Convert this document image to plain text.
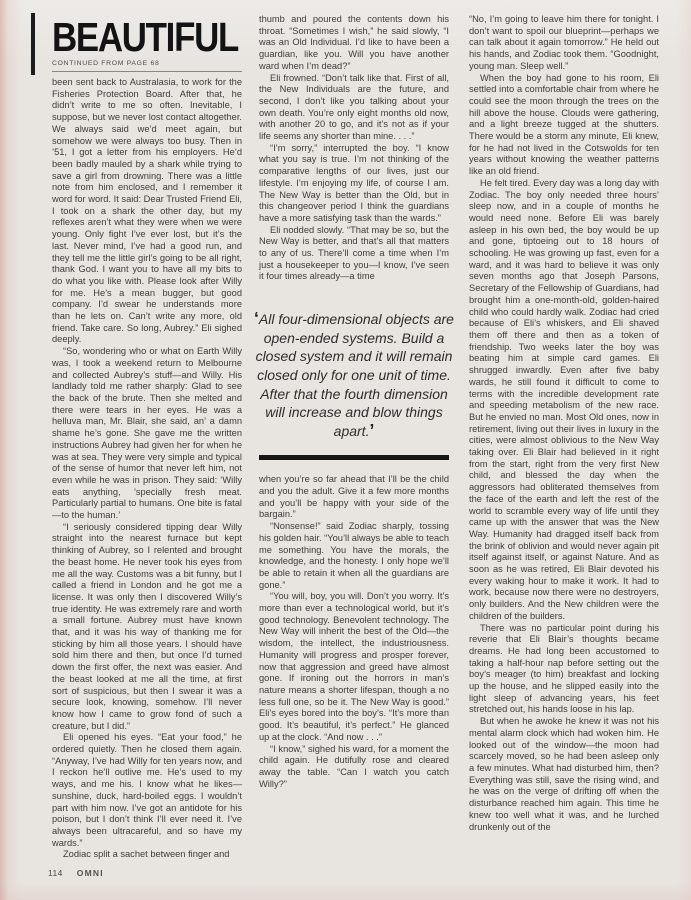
BEAUTIFUL
CONTINUED FROM PAGE 68

been sent back to Australasia, to work for the Fisheries Protection Board. After that, he didn’t write to me so often. Inevitable, I suppose, but we never lost contact altogether. We always said we’d meet again, but somehow we were always too busy. Then in ’51, I got a letter from his employers. He’d been badly mauled by a shark while trying to save a girl from drowning. There was a little note from him enclosed, and I remember it word for word. It said: Dear Trusted Friend Eli, I took on a shark the other day, but my reflexes aren’t what they were when we were young. Only fight I’ve ever lost, but it’s the last. Never mind, I’ve had a good run, and they tell me the little girl’s going to be all right, thank God. I want you to have all my bits to do what you like with. Please look after Willy for me. He’s a mean bugger, but good company. I’d swear he understands more than he lets on. Can’t write any more, old friend. Take care. So long, Aubrey.” Eli sighed deeply.

“So, wondering who or what on Earth Willy was, I took a weekend return to Melbourne and collected Aubrey’s stuff—and Willy. His landlady told me rather sharply: Glad to see the back of the brute. Then she melted and there were tears in her eyes. He was a helluva man, Mr. Blair, she said, an’ a damn shame he’s gone. She gave me the written instructions Aubrey had given her for when he was at sea. They were very simple and typical of the sense of humor that never left him, not even while he was in prison. They said: ‘Willy eats anything, ’specially fresh meat. Particularly partial to humans. One bite is fatal—to the human.’

“I seriously considered tipping dear Willy straight into the nearest furnace but kept thinking of Aubrey, so I relented and brought the beast home. He never took his eyes from me all the way. Customs was a bit funny, but I called a friend in London and he got me a license. It was only then I discovered Willy’s true identity. He was extremely rare and worth a small fortune. Aubrey must have known that, and it was his way of thanking me for sticking by him all those years. I should have sold him there and then, but once I’d turned down the first offer, the next was easier. And the beast looked at me all the time, at first sort of suspicious, but then I swear it was a secure look, knowing, somehow. I’ll never know how I came to grow fond of such a creature, but I did.”

Eli opened his eyes. “Eat your food,” he ordered quietly. Then he closed them again. “Anyway, I’ve had Willy for ten years now, and I reckon he’ll outlive me. He’s used to my ways, and me his. I know what he likes—sunshine, duck, hard-boiled eggs. I wouldn’t part with him now. I’ve got an antidote for his poison, but I don’t think I’ll ever need it. I’ve always been ultracareful, and so have my wards.”

Zodiac split a sachet between finger and

thumb and poured the contents down his throat. “Sometimes I wish,” he said slowly, “I was an Old Individual. I’d like to have been a guardian, like you. Will you have another ward when I’m dead?”

Eli frowned. “Don’t talk like that. First of all, the New Individuals are the future, and second, I don’t like you talking about your own death. You’re only eight months old now, with another 20 to go, and it’s not as if your life seems any shorter than mine. . . .”

“I’m sorry,” interrupted the boy. “I know what you say is true. I’m not thinking of the comparative lengths of our lives, just our lifestyle. I’m enjoying my life, of course I am. The New Way is better than the Old, but in this changeover period I think the guardians have a more satisfying task than the wards.”

Eli nodded slowly. “That may be so, but the New Way is better, and that’s all that matters to any of us. There’ll come a time when I’m just a housekeeper to you—I know, I’ve seen it four times already—a time

‘All four-dimensional objects are open-ended systems. Build a closed system and it will remain closed only for one unit of time. After that the fourth dimension will increase and blow things apart.’

when you’re so far ahead that I’ll be the child and you the adult. Give it a few more months and you’ll be happy with your side of the bargain.”

“Nonsense!” said Zodiac sharply, tossing his golden hair. “You’ll always be able to teach me something. You have the morals, the knowledge, and the honesty. I only hope we’ll be able to retain it when all the guardians are gone.”

“You will, boy, you will. Don’t you worry. It’s more than ever a technological world, but it’s good technology. Benevolent technology. The New Way will inherit the best of the Old—the wisdom, the intellect, the industriousness. Humanity will progress and prosper forever, now that aggression and greed have almost gone. If ironing out the horrors in man’s nature means a shorter lifespan, though a no less full one, so be it. The New Way is good.” Eli’s eyes bored into the boy’s. “It’s more than good. It’s beautiful, it’s perfect.” He glanced up at the clock. “And now . . .”

“I know,” sighed his ward, for a moment the child again. He dutifully rose and cleared away the table. “Can I watch you catch Willy?”

“No, I’m going to leave him there for tonight. I don’t want to spoil our blueprint—perhaps we can talk about it again tomorrow.” He held out his hands, and Zodiac took them. “Goodnight, young man. Sleep well.”

When the boy had gone to his room, Eli settled into a comfortable chair from where he could see the moon through the trees on the hill above the house. Clouds were gathering, and a light breeze tugged at the shutters. There would be a storm any minute, Eli knew, for he had not lived in the Cotswolds for ten years without knowing the weather patterns like an old friend.

He felt tired. Every day was a long day with Zodiac. The boy only needed three hours’ sleep now, and in a couple of months he would need none. Before Eli was barely asleep in his own bed, the boy would be up and gone, tiptoeing out to 18 hours of schooling. He was growing up fast, even for a ward, and it was hard to believe it was only seven months ago that Joseph Parsons, Secretary of the Fellowship of Guardians, had brought him a one-month-old, golden-haired child who could hardly walk. Zodiac had cried because of Eli’s whiskers, and Eli shaved them off there and then as a token of friendship. Two weeks later the boy was beating him at simple card games. Eli shrugged inwardly. Even after five baby wards, he still found it difficult to come to terms with the incredible development rate and speeding metabolism of the new race. But he envied no man. Most Old ones, now in retirement, living out their lives in luxury in the cities, were almost oblivious to the New Way taking over. Eli Blair had believed in it right from the start, right from the very first New child, and blessed the day when the aggressors had obliterated themselves from the face of the earth and left the rest of the world to scramble every way of life until they came up with the answer that was the New Way. Humanity had dragged itself back from the brink of oblivion and would never again pit itself against itself, or against Nature. And as soon as he was retired, Eli Blair devoted his every waking hour to make it work. It had to work, because now there were no destroyers, only builders. And the New children were the children of the builders.

There was no particular point during his reverie that Eli Blair’s thoughts became dreams. He had long been accustomed to taking a half-hour nap before setting out the boy’s meager (to him) breakfast and locking up the house, and he slipped easily into the light sleep of advancing years, his feet stretched out, his hands loose in his lap.

But when he awoke he knew it was not his mental alarm clock which had woken him. He looked out of the window—the moon had scarcely moved, so he had been asleep only a few minutes. What had disturbed him, then? Everything was still, save the rising wind, and he was on the verge of drifting off when the disturbance reached him again. This time he knew too well what it was, and he lurched drunkenly out of the

114 OMNI
